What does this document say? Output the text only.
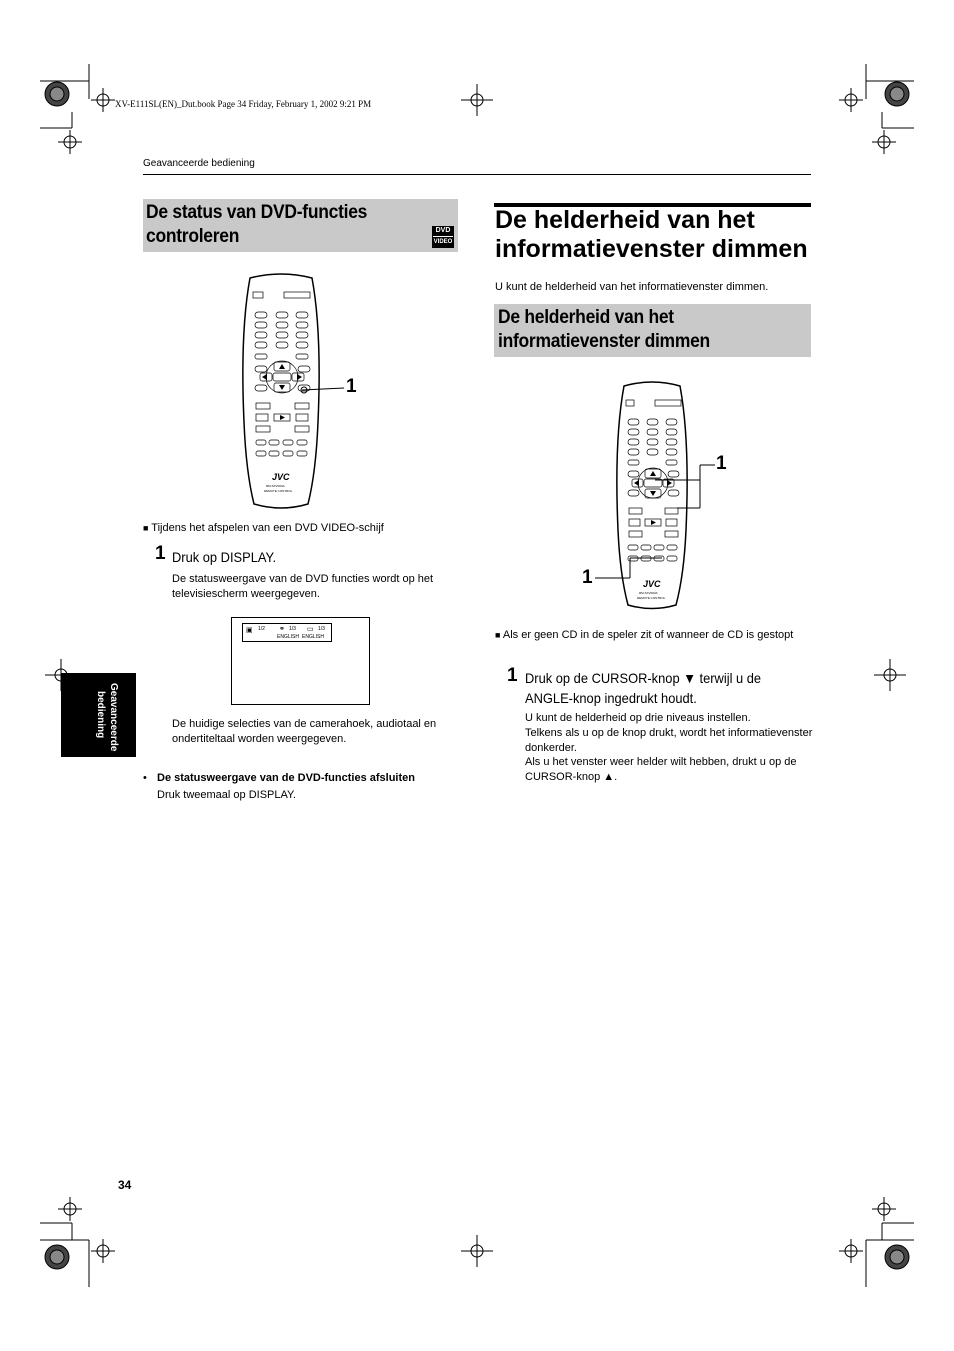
XV-E111SL(EN)_Dut.book Page 34 Friday, February 1, 2002 9:21 PM
Geavanceerde bediening
De status van DVD-functies controleren	DVD
VIDEO
JVC
RM-SXV003A
REMOTE CONTROL
1
■ Tijdens het afspelen van een DVD VIDEO-schijf
1 Druk op DISPLAY.
De statusweergave van de DVD functies wordt op het televisiescherm weergegeven.
▣ 1/2 ⚭ 1/3 ▭ 1/3
ENGLISH ENGLISH
De huidige selecties van de camerahoek, audiotaal en ondertiteltaal worden weergegeven.
• De statusweergave van de DVD-functies afsluiten
Druk tweemaal op DISPLAY.
De helderheid van het informatievenster dimmen
U kunt de helderheid van het informatievenster dimmen.
De helderheid van het informatievenster dimmen
JVC
RM-SXV003A
REMOTE CONTROL
1
1
■ Als er geen CD in de speler zit of wanneer de CD is gestopt
1 Druk op de CURSOR-knop ▼ terwijl u de ANGLE-knop ingedrukt houdt.
U kunt de helderheid op drie niveaus instellen.
Telkens als u op de knop drukt, wordt het informatievenster donkerder.
Als u het venster weer helder wilt hebben, drukt u op de CURSOR-knop ▲.
Geavanceerde
bediening
34
